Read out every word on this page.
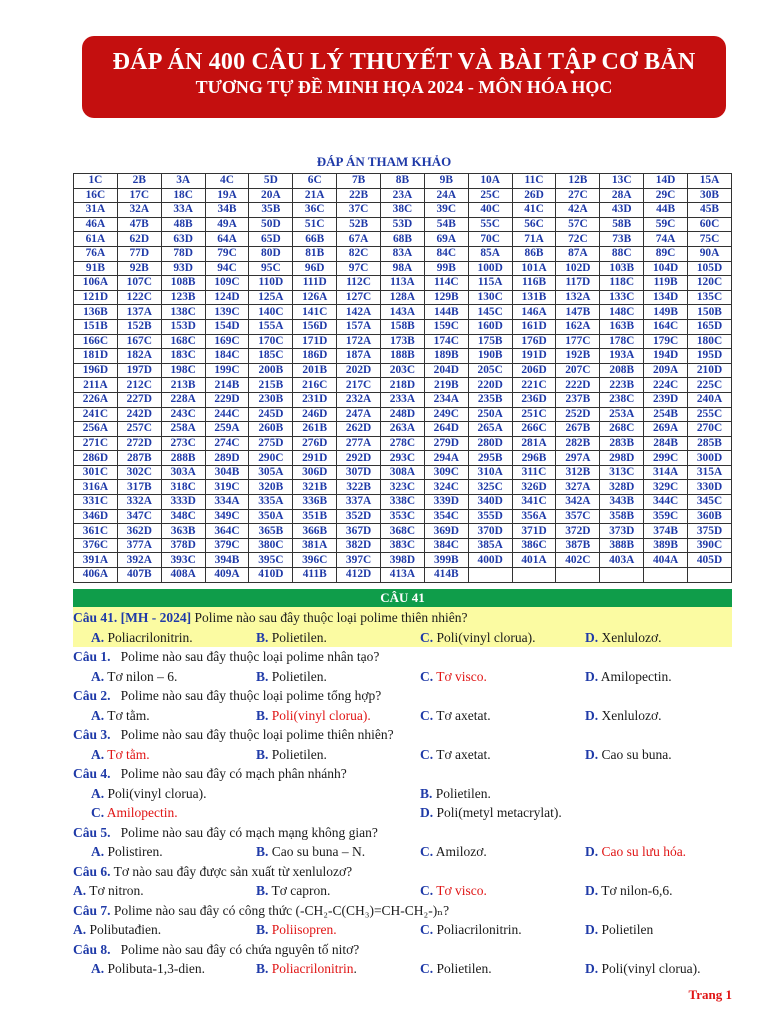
ĐÁP ÁN 400 CÂU LÝ THUYẾT VÀ BÀI TẬP CƠ BẢN
TƯƠNG TỰ ĐỀ MINH HỌA 2024 - MÔN HÓA HỌC
ĐÁP ÁN THAM KHẢO
1C	2B	3A	4C	5D	6C	7B	8B	9B	10A	11C	12B	13C	14D	15A
16C	17C	18C	19A	20A	21A	22B	23A	24A	25C	26D	27C	28A	29C	30B
31A	32A	33A	34B	35B	36C	37C	38C	39C	40C	41C	42A	43D	44B	45B
46A	47B	48B	49A	50D	51C	52B	53D	54B	55C	56C	57C	58B	59C	60C
61A	62D	63D	64A	65D	66B	67A	68B	69A	70C	71A	72C	73B	74A	75C
76A	77D	78D	79C	80D	81B	82C	83A	84C	85A	86B	87A	88C	89C	90A
91B	92B	93D	94C	95C	96D	97C	98A	99B	100D	101A	102D	103B	104D	105D
106A	107C	108B	109C	110D	111D	112C	113A	114C	115A	116B	117D	118C	119B	120C
121D	122C	123B	124D	125A	126A	127C	128A	129B	130C	131B	132A	133C	134D	135C
136B	137A	138C	139C	140C	141C	142A	143A	144B	145C	146A	147B	148C	149B	150B
151B	152B	153D	154D	155A	156D	157A	158B	159C	160D	161D	162A	163B	164C	165D
166C	167C	168C	169C	170C	171D	172A	173B	174C	175B	176D	177C	178C	179C	180C
181D	182A	183C	184C	185C	186D	187A	188B	189B	190B	191D	192B	193A	194D	195D
196D	197D	198C	199C	200B	201B	202D	203C	204D	205C	206D	207C	208B	209A	210D
211A	212C	213B	214B	215B	216C	217C	218D	219B	220D	221C	222D	223B	224C	225C
226A	227D	228A	229D	230B	231D	232A	233A	234A	235B	236D	237B	238C	239D	240A
241C	242D	243C	244C	245D	246D	247A	248D	249C	250A	251C	252D	253A	254B	255C
256A	257C	258A	259A	260B	261B	262D	263A	264D	265A	266C	267B	268C	269A	270C
271C	272D	273C	274C	275D	276D	277A	278C	279D	280D	281A	282B	283B	284B	285B
286D	287B	288B	289D	290C	291D	292D	293C	294A	295B	296B	297A	298D	299C	300D
301C	302C	303A	304B	305A	306D	307D	308A	309C	310A	311C	312B	313C	314A	315A
316A	317B	318C	319C	320B	321B	322B	323C	324C	325C	326D	327A	328D	329C	330D
331C	332A	333D	334A	335A	336B	337A	338C	339D	340D	341C	342A	343B	344C	345C
346D	347C	348C	349C	350A	351B	352D	353C	354C	355D	356A	357C	358B	359C	360B
361C	362D	363B	364C	365B	366B	367D	368C	369D	370D	371D	372D	373D	374B	375D
376C	377A	378D	379C	380C	381A	382D	383C	384C	385A	386C	387B	388B	389B	390C
391A	392A	393C	394B	395C	396C	397C	398D	399B	400D	401A	402C	403A	404A	405D
406A	407B	408A	409A	410D	411B	412D	413A	414B						
CÂU 41
Câu 41. [MH - 2024] Polime nào sau đây thuộc loại polime thiên nhiên?
A. Poliacrilonitrin.	B. Polietilen.	C. Poli(vinyl clorua).	D. Xenlulozơ.
Câu 1.   Polime nào sau đây thuộc loại polime nhân tạo?
A. Tơ nilon – 6.	B. Polietilen.	C. Tơ visco.	D. Amilopectin.
Câu 2.   Polime nào sau đây thuộc loại polime tổng hợp?
A. Tơ tằm.	B. Poli(vinyl clorua).	C. Tơ axetat.	D. Xenlulozơ.
Câu 3.   Polime nào sau đây thuộc loại polime thiên nhiên?
A. Tơ tằm.	B. Polietilen.	C. Tơ axetat.	D. Cao su buna.
Câu 4.   Polime nào sau đây có mạch phân nhánh?
A. Poli(vinyl clorua).	B. Polietilen.
C. Amilopectin.	D. Poli(metyl metacrylat).
Câu 5.   Polime nào sau đây có mạch mạng không gian?
A. Polistiren.	B. Cao su buna – N.	C. Amilozơ.	D. Cao su lưu hóa.
Câu 6. Tơ nào sau đây được sản xuất từ xenlulozơ?
A. Tơ nitron.	B. Tơ capron.	C. Tơ visco.	D. Tơ nilon-6,6.
Câu 7. Polime nào sau đây có công thức (-CH₂-C(CH₃)=CH-CH₂-)ₙ?
A. Polibutađien.	B. Poliisopren.	C. Poliacrilonitrin.	D. Polietilen
Câu 8.   Polime nào sau đây có chứa nguyên tố nitơ?
A. Polibuta-1,3-dien.	B. Poliacrilonitrin.	C. Polietilen.	D. Poli(vinyl clorua).
Trang 1
